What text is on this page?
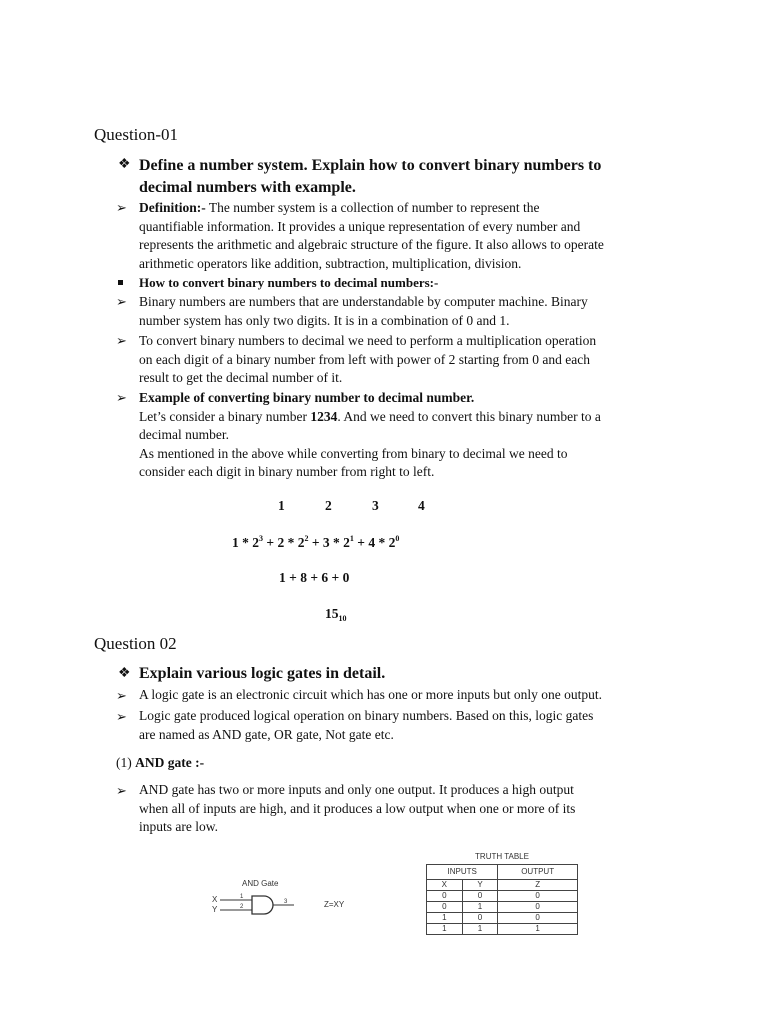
Question-01
❖ Define a number system. Explain how to convert binary numbers to
decimal numbers with example.
➢ Definition:- The number system is a collection of number to represent the
quantifiable information. It provides a unique representation of every number and
represents the arithmetic and algebraic structure of the figure. It also allows to operate
arithmetic operators like addition, subtraction, multiplication, division.
How to convert binary numbers to decimal numbers:-
➢ Binary numbers are numbers that are understandable by computer machine. Binary
number system has only two digits. It is in a combination of 0 and 1.
➢ To convert binary numbers to decimal we need to perform a multiplication operation
on each digit of a binary number from left with power of 2 starting from 0 and each
result to get the decimal number of it.
➢ Example of converting binary number to decimal number.
Let’s consider a binary number 1234. And we need to convert this binary number to a
decimal number.
As mentioned in the above while converting from binary to decimal we need to
consider each digit in binary number from right to left.
1	2	3	4
$1 * 2^3 + 2 * 2^2 + 3 * 2^1 + 4 * 2^0$
1 + 8 + 6 + 0
$15_{10}$
Question 02
❖ Explain various logic gates in detail.
➢ A logic gate is an electronic circuit which has one or more inputs but only one output.
➢ Logic gate produced logical operation on binary numbers. Based on this, logic gates
are named as AND gate, OR gate, Not gate etc.
(1) AND gate :-
➢ AND gate has two or more inputs and only one output. It produces a high output
when all of inputs are high, and it produces a low output when one or more of its
inputs are low.
AND Gate
X
Y
1
2
3	Z=XY
TRUTH TABLE
INPUTS		OUTPUT
X	Y	Z
0	0	0
0	1	0
1	0	0
1	1	1
